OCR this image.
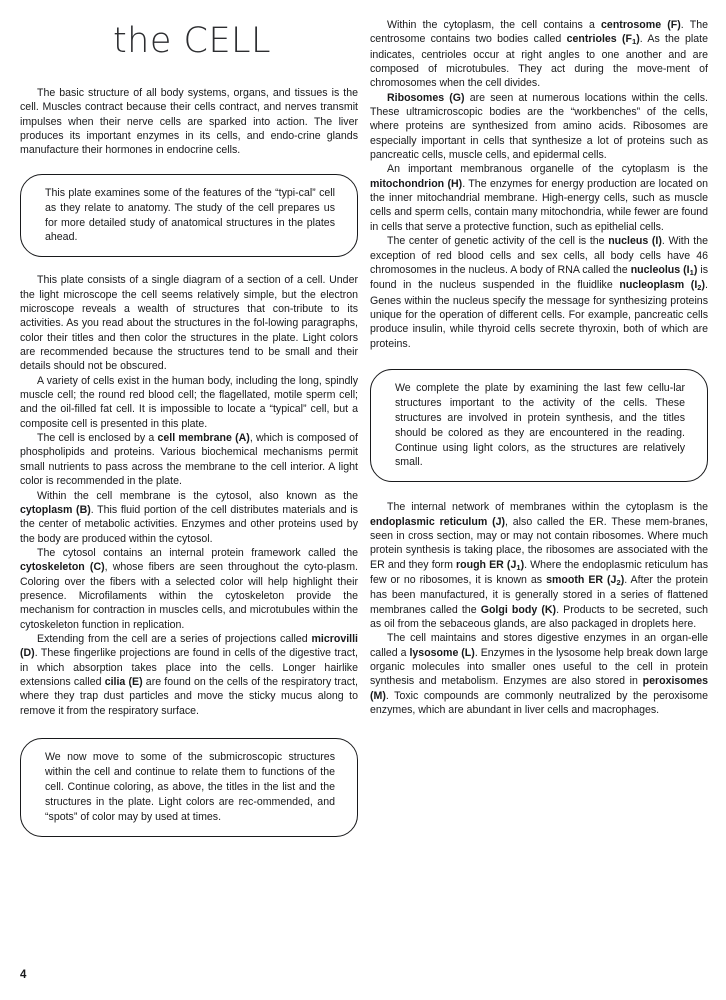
the CELL

The basic structure of all body systems, organs, and tissues is the cell. Muscles contract because their cells contract, and nerves transmit impulses when their nerve cells are sparked into action. The liver produces its important enzymes in its cells, and endo-crine glands manufacture their hormones in endocrine cells.

This plate examines some of the features of the “typi-cal” cell as they relate to anatomy. The study of the cell prepares us for more detailed study of anatomical structures in the plates ahead.

This plate consists of a single diagram of a section of a cell. Under the light microscope the cell seems relatively simple, but the electron microscope reveals a wealth of structures that con-tribute to its activities. As you read about the structures in the fol-lowing paragraphs, color their titles and then color the structures in the plate. Light colors are recommended because the structures tend to be small and their details should not be obscured.

A variety of cells exist in the human body, including the long, spindly muscle cell; the round red blood cell; the flagellated, motile sperm cell; and the oil-filled fat cell. It is impossible to locate a “typical” cell, but a composite cell is presented in this plate.

The cell is enclosed by a cell membrane (A), which is composed of phospholipids and proteins. Various biochemical mechanisms permit small nutrients to pass across the membrane to the cell interior. A light color is recommended in the plate.

Within the cell membrane is the cytosol, also known as the cytoplasm (B). This fluid portion of the cell distributes materials and is the center of metabolic activities. Enzymes and other proteins used by the body are produced within the cytosol.

The cytosol contains an internal protein framework called the cytoskeleton (C), whose fibers are seen throughout the cyto-plasm. Coloring over the fibers with a selected color will help highlight their presence. Microfilaments within the cytoskeleton provide the mechanism for contraction in muscles cells, and microtubules within the cytoskeleton function in replication.

Extending from the cell are a series of projections called microvilli (D). These fingerlike projections are found in cells of the digestive tract, in which absorption takes place into the cells. Longer hairlike extensions called cilia (E) are found on the cells of the respiratory tract, where they trap dust particles and move the sticky mucus along to remove it from the respiratory surface.

We now move to some of the submicroscopic structures within the cell and continue to relate them to functions of the cell. Continue coloring, as above, the titles in the list and the structures in the plate. Light colors are rec-ommended, and “spots” of color may by used at times.

Within the cytoplasm, the cell contains a centrosome (F). The centrosome contains two bodies called centrioles $(F_1)$. As the plate indicates, centrioles occur at right angles to one another and are composed of microtubules. They act during the move-ment of chromosomes when the cell divides.

Ribosomes (G) are seen at numerous locations within the cells. These ultramicroscopic bodies are the “workbenches” of the cells, where proteins are synthesized from amino acids. Ribosomes are especially important in cells that synthesize a lot of proteins such as pancreatic cells, muscle cells, and epidermal cells.

An important membranous organelle of the cytoplasm is the mitochondrion (H). The enzymes for energy production are located on the inner mitochandrial membrane. High-energy cells, such as muscle cells and sperm cells, contain many mitochondria, while fewer are found in cells that serve a protective function, such as epithelial cells.

The center of genetic activity of the cell is the nucleus (I). With the exception of red blood cells and sex cells, all body cells have 46 chromosomes in the nucleus. A body of RNA called the nucleolus $(I_1)$ is found in the nucleus suspended in the fluidlike nucleoplasm $(I_2)$. Genes within the nucleus specify the message for synthesizing proteins unique for the operation of different cells. For example, pancreatic cells produce insulin, while thyroid cells secrete thyroxin, both of which are proteins.

We complete the plate by examining the last few cellu-lar structures important to the activity of the cells. These structures are involved in protein synthesis, and the titles should be colored as they are encountered in the reading. Continue using light colors, as the structures are relatively small.

The internal network of membranes within the cytoplasm is the endoplasmic reticulum (J), also called the ER. These mem-branes, seen in cross section, may or may not contain ribosomes. Where much protein synthesis is taking place, the ribosomes are associated with the ER and they form rough ER $(J_1)$. Where the endoplasmic reticulum has few or no ribosomes, it is known as smooth ER $(J_2)$. After the protein has been manufactured, it is generally stored in a series of flattened membranes called the Golgi body (K). Products to be secreted, such as oil from the sebaceous glands, are also packaged in droplets here.

The cell maintains and stores digestive enzymes in an organ-elle called a lysosome (L). Enzymes in the lysosome help break down large organic molecules into smaller ones useful to the cell in protein synthesis and metabolism. Enzymes are also stored in peroxisomes (M). Toxic compounds are commonly neutralized by the peroxisome enzymes, which are abundant in liver cells and macrophages.

4
